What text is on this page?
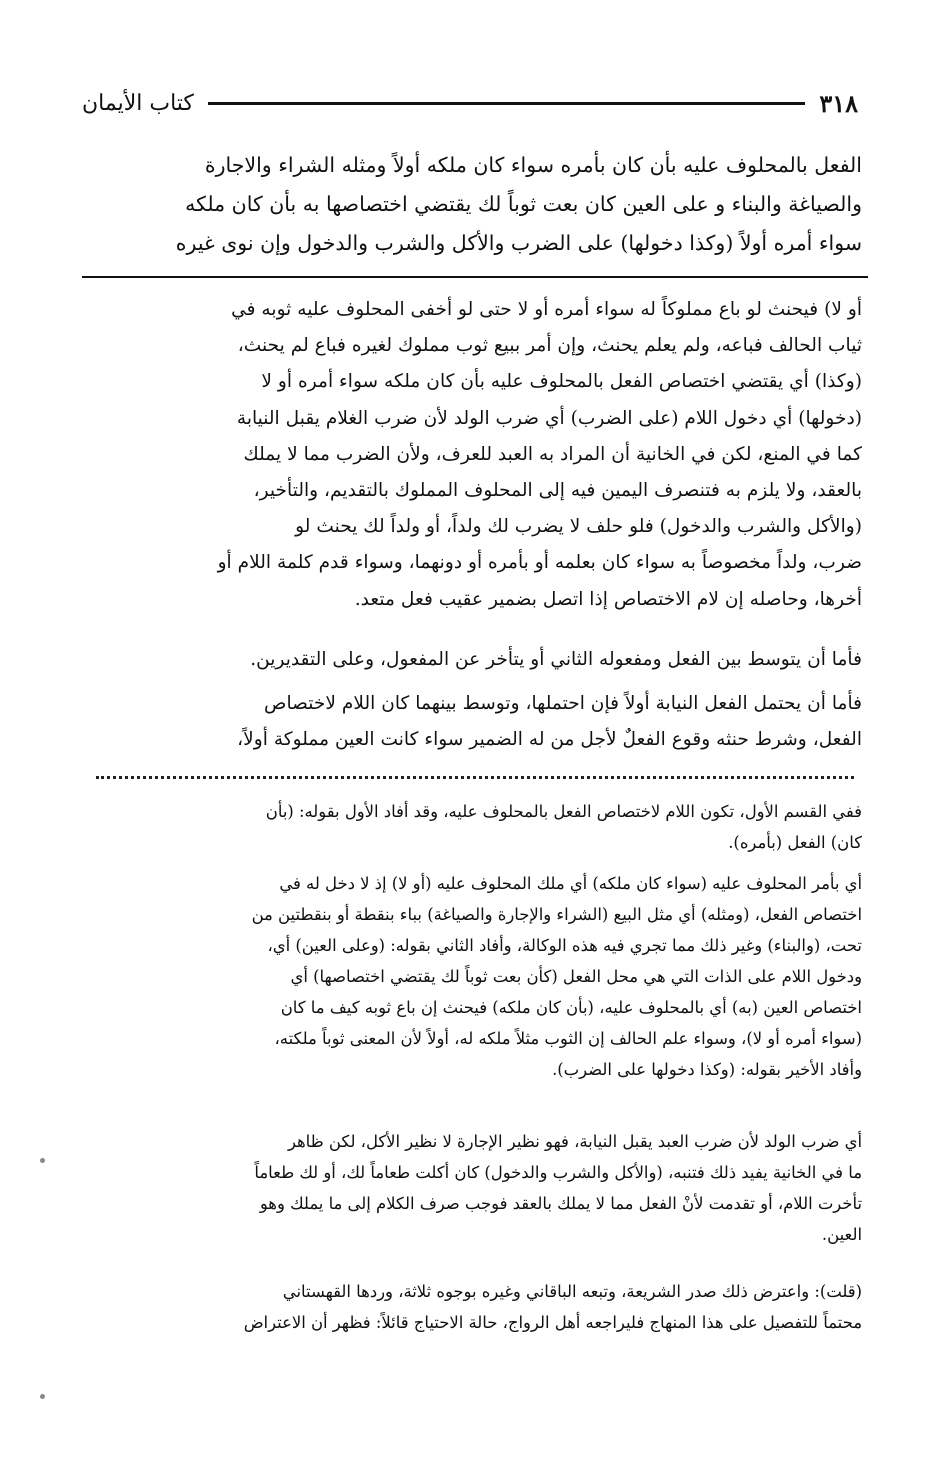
٣١٨
كتاب الأيمان
الفعل بالمحلوف عليه بأن كان بأمره سواء كان ملكه أولاً ومثله الشراء والاجارة
والصياغة والبناء و على العين كان بعت ثوباً لك يقتضي اختصاصها به بأن كان ملكه
سواء أمره أولاً (وكذا دخولها) على الضرب والأكل والشرب والدخول وإن نوى غيره
أو لا) فيحنث لو باع مملوكاً له سواء أمره أو لا حتى لو أخفى المحلوف عليه ثوبه في
ثياب الحالف فباعه، ولم يعلم يحنث، وإن أمر ببيع ثوب مملوك لغيره فباع لم يحنث،
(وكذا) أي يقتضي اختصاص الفعل بالمحلوف عليه بأن كان ملكه سواء أمره أو لا
(دخولها) أي دخول اللام (على الضرب) أي ضرب الولد لأن ضرب الغلام يقبل النيابة
كما في المنع، لكن في الخانية أن المراد به العبد للعرف، ولأن الضرب مما لا يملك
بالعقد، ولا يلزم به فتنصرف اليمين فيه إلى المحلوف المملوك بالتقديم، والتأخير،
(والأكل والشرب والدخول) فلو حلف لا يضرب لك ولداً، أو ولداً لك يحنث لو
ضرب، ولداً مخصوصاً به سواء كان بعلمه أو بأمره أو دونهما، وسواء قدم كلمة اللام أو
أخرها، وحاصله إن لام الاختصاص إذا اتصل بضمير عقيب فعل متعد.
فأما أن يتوسط بين الفعل ومفعوله الثاني أو يتأخر عن المفعول، وعلى التقديرين.
فأما أن يحتمل الفعل النيابة أولاً فإن احتملها، وتوسط بينهما كان اللام لاختصاص
الفعل، وشرط حنثه وقوع الفعلٌ لأجل من له الضمير سواء كانت العين مملوكة أولاً،
ففي القسم الأول، تكون اللام لاختصاص الفعل بالمحلوف عليه، وقد أفاد الأول بقوله: (بأن
كان) الفعل (بأمره).
أي بأمر المحلوف عليه (سواء كان ملكه) أي ملك المحلوف عليه (أو لا) إذ لا دخل له في
اختصاص الفعل، (ومثله) أي مثل البيع (الشراء والإجارة والصياغة) بباء بنقطة أو بنقطتين من
تحت، (والبناء) وغير ذلك مما تجري فيه هذه الوكالة، وأفاد الثاني بقوله: (وعلى العين) أي،
ودخول اللام على الذات التي هي محل الفعل (كأن بعت ثوباً لك يقتضي اختصاصها) أي
اختصاص العين (به) أي بالمحلوف عليه، (بأن كان ملكه) فيحنث إن باع ثوبه كيف ما كان
(سواء أمره أو لا)، وسواء علم الحالف إن الثوب مثلاً ملكه له، أولاً لأن المعنى ثوباً ملكته،
وأفاد الأخير بقوله: (وكذا دخولها على الضرب).
أي ضرب الولد لأن ضرب العبد يقبل النيابة، فهو نظير الإجارة لا نظير الأكل، لكن ظاهر
ما في الخانية يفيد ذلك فتنبه، (والأكل والشرب والدخول) كان أكلت طعاماً لك، أو لك طعاماً
تأخرت اللام، أو تقدمت لأنْ الفعل مما لا يملك بالعقد فوجب صرف الكلام إلى ما يملك وهو
العين.
(قلت): واعترض ذلك صدر الشريعة، وتبعه الباقاني وغيره بوجوه ثلاثة، وردها القهستاني
محتماً للتفصيل على هذا المنهاج فليراجعه أهل الرواج، حالة الاحتياج قائلاً: فظهر أن الاعتراض
